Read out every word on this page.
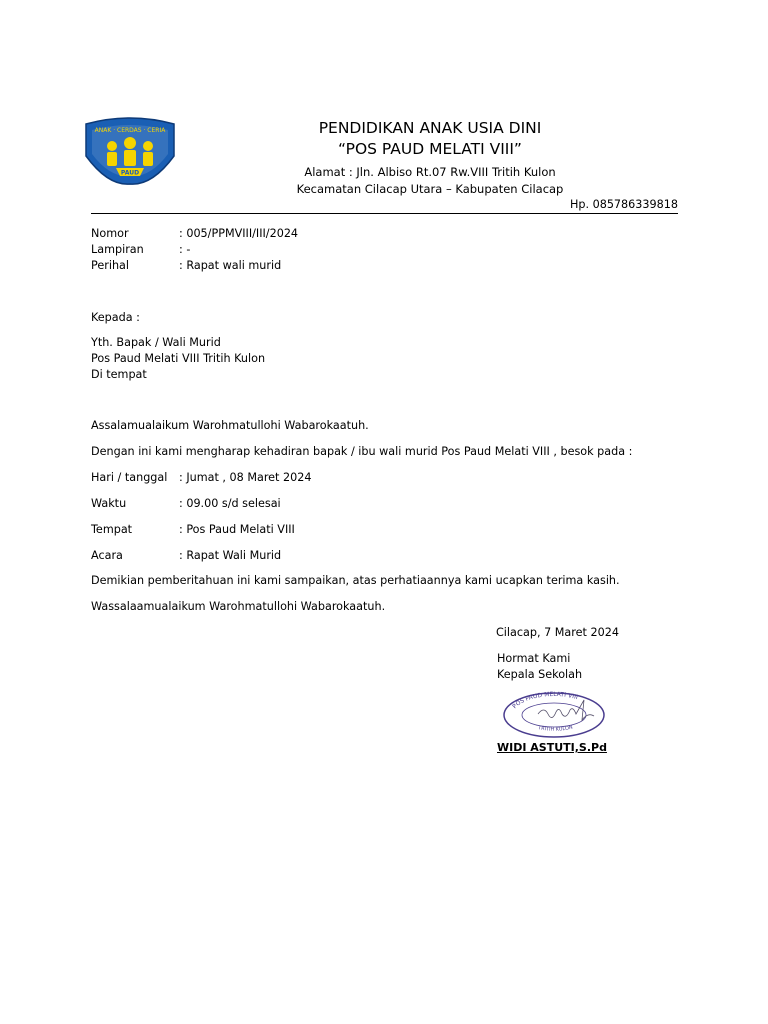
ANAK · CERDAS · CERIA
PAUD
PENDIDIKAN ANAK USIA DINI
“POS PAUD MELATI VIII”
Alamat : Jln. Albiso Rt.07 Rw.VIII Tritih Kulon
Kecamatan Cilacap Utara – Kabupaten Cilacap
Hp. 085786339818
Nomor	: 005/PPMVIII/III/2024
Lampiran	: -
Perihal	: Rapat wali murid
Kepada :
Yth. Bapak / Wali Murid
Pos Paud Melati VIII Tritih Kulon
Di tempat
Assalamualaikum Warohmatullohi Wabarokaatuh.
Dengan ini kami mengharap kehadiran bapak / ibu wali murid Pos Paud Melati VIII , besok pada :
Hari / tanggal : Jumat , 08 Maret 2024
Waktu	: 09.00 s/d selesai
Tempat	: Pos Paud Melati VIII
Acara	: Rapat Wali Murid
Demikian pemberitahuan ini kami sampaikan, atas perhatiaannya kami ucapkan terima kasih.
Wassalaamualaikum Warohmatullohi Wabarokaatuh.
Cilacap, 7 Maret 2024
Hormat Kami
Kepala Sekolah
POS PAUD MELATI VIII
TRITIH KULON
WIDI ASTUTI,S.Pd
